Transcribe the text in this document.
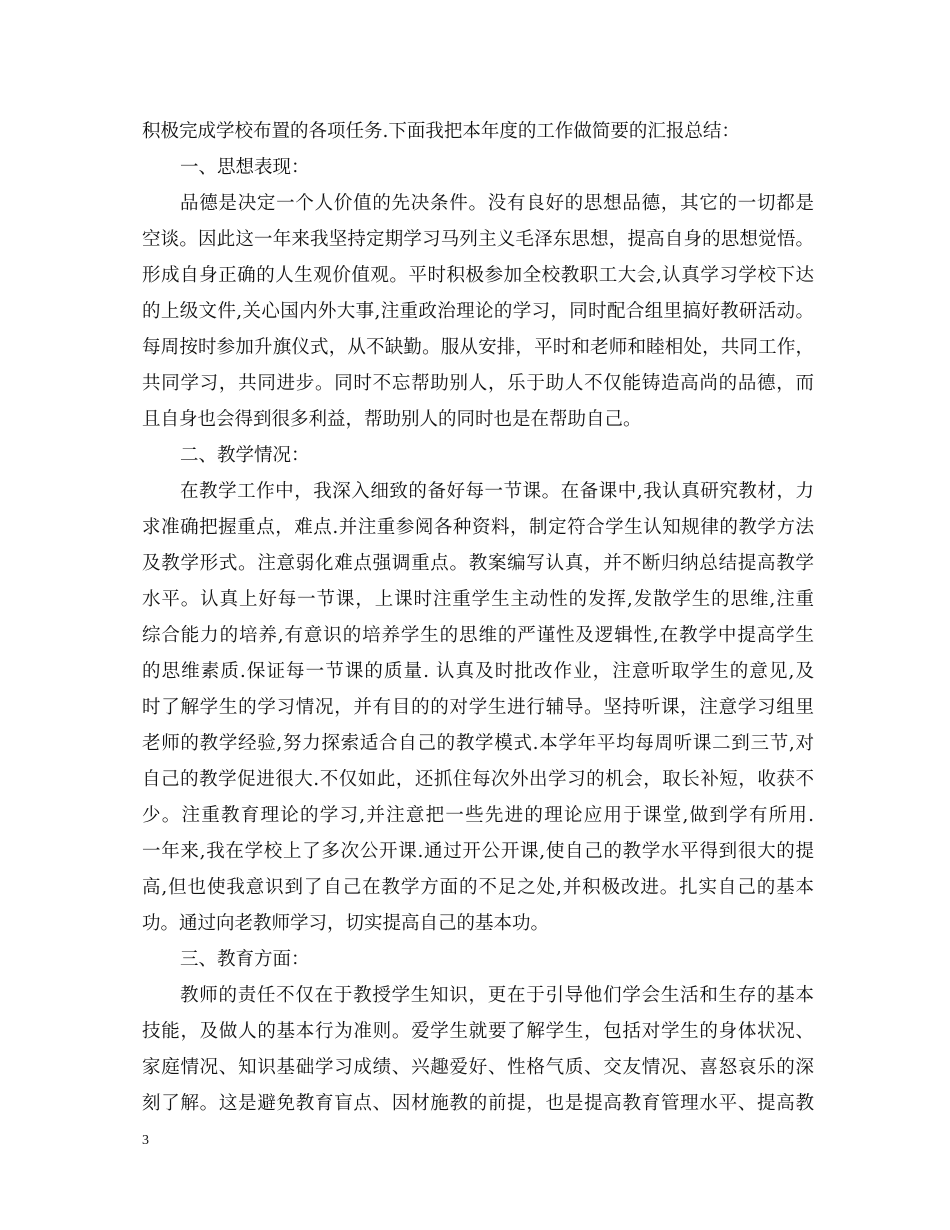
积极完成学校布置的各项任务.下面我把本年度的工作做简要的汇报总结：
一、思想表现：
品德是决定一个人价值的先决条件。没有良好的思想品德，其它的一切都是
空谈。因此这一年来我坚持定期学习马列主义毛泽东思想，提高自身的思想觉悟。
形成自身正确的人生观价值观。平时积极参加全校教职工大会,认真学习学校下达
的上级文件,关心国内外大事,注重政治理论的学习，同时配合组里搞好教研活动。
每周按时参加升旗仪式，从不缺勤。服从安排，平时和老师和睦相处，共同工作，
共同学习，共同进步。同时不忘帮助别人，乐于助人不仅能铸造高尚的品德，而
且自身也会得到很多利益，帮助别人的同时也是在帮助自己。
二、教学情况：
在教学工作中，我深入细致的备好每一节课。在备课中,我认真研究教材，力
求准确把握重点，难点.并注重参阅各种资料，制定符合学生认知规律的教学方法
及教学形式。注意弱化难点强调重点。教案编写认真，并不断归纳总结提高教学
水平。认真上好每一节课，上课时注重学生主动性的发挥,发散学生的思维,注重
综合能力的培养,有意识的培养学生的思维的严谨性及逻辑性,在教学中提高学生
的思维素质.保证每一节课的质量. 认真及时批改作业，注意听取学生的意见,及
时了解学生的学习情况，并有目的的对学生进行辅导。坚持听课，注意学习组里
老师的教学经验,努力探索适合自己的教学模式.本学年平均每周听课二到三节,对
自己的教学促进很大.不仅如此，还抓住每次外出学习的机会，取长补短，收获不
少。注重教育理论的学习,并注意把一些先进的理论应用于课堂,做到学有所用.
一年来,我在学校上了多次公开课.通过开公开课,使自己的教学水平得到很大的提
高,但也使我意识到了自己在教学方面的不足之处,并积极改进。扎实自己的基本
功。通过向老教师学习，切实提高自己的基本功。
三、教育方面：
教师的责任不仅在于教授学生知识，更在于引导他们学会生活和生存的基本
技能，及做人的基本行为准则。爱学生就要了解学生，包括对学生的身体状况、
家庭情况、知识基础学习成绩、兴趣爱好、性格气质、交友情况、喜怒哀乐的深
刻了解。这是避免教育盲点、因材施教的前提，也是提高教育管理水平、提高教
3
